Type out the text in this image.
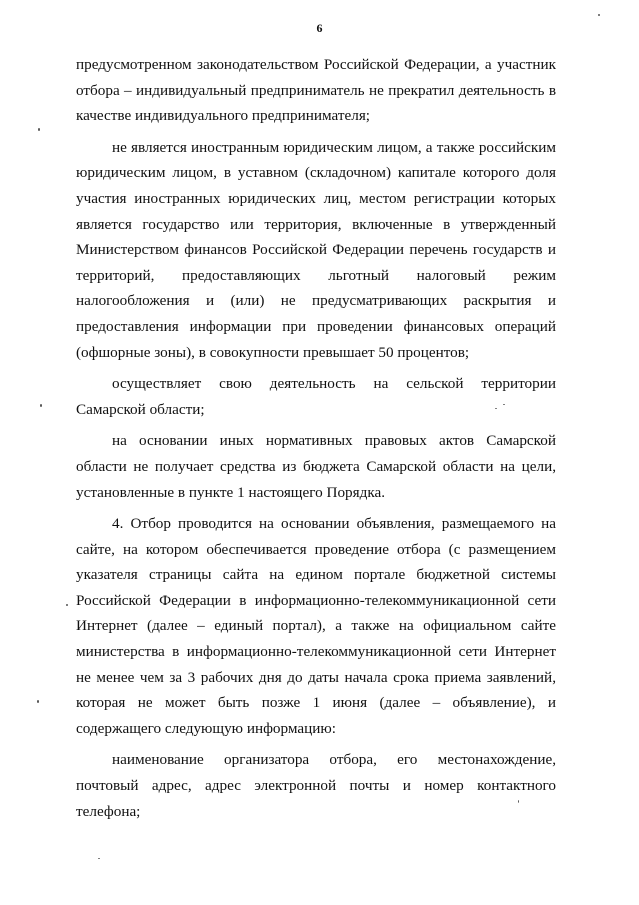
6

предусмотренном законодательством Российской Федерации, а участник отбора – индивидуальный предприниматель не прекратил деятельность в качестве индивидуального предпринимателя;

не является иностранным юридическим лицом, а также российским юридическим лицом, в уставном (складочном) капитале которого доля участия иностранных юридических лиц, местом регистрации которых является государство или территория, включенные в утвержденный Министерством финансов Российской Федерации перечень государств и территорий, предоставляющих льготный налоговый режим налогообложения и (или) не предусматривающих раскрытия и предоставления информации при проведении финансовых операций (офшорные зоны), в совокупности превышает 50 процентов;

осуществляет свою деятельность на сельской территории Самарской области;

на основании иных нормативных правовых актов Самарской области не получает средства из бюджета Самарской области на цели, установленные в пункте 1 настоящего Порядка.

4. Отбор проводится на основании объявления, размещаемого на сайте, на котором обеспечивается проведение отбора (с размещением указателя страницы сайта на едином портале бюджетной системы Российской Федерации в информационно-телекоммуникационной сети Интернет (далее – единый портал), а также на официальном сайте министерства в информационно-телекоммуникационной сети Интернет не менее чем за 3 рабочих дня до даты начала срока приема заявлений, которая не может быть позже 1 июня (далее – объявление), и содержащего следующую информацию:

наименование организатора отбора, его местонахождение, почтовый адрес, адрес электронной почты и номер контактного телефона;
